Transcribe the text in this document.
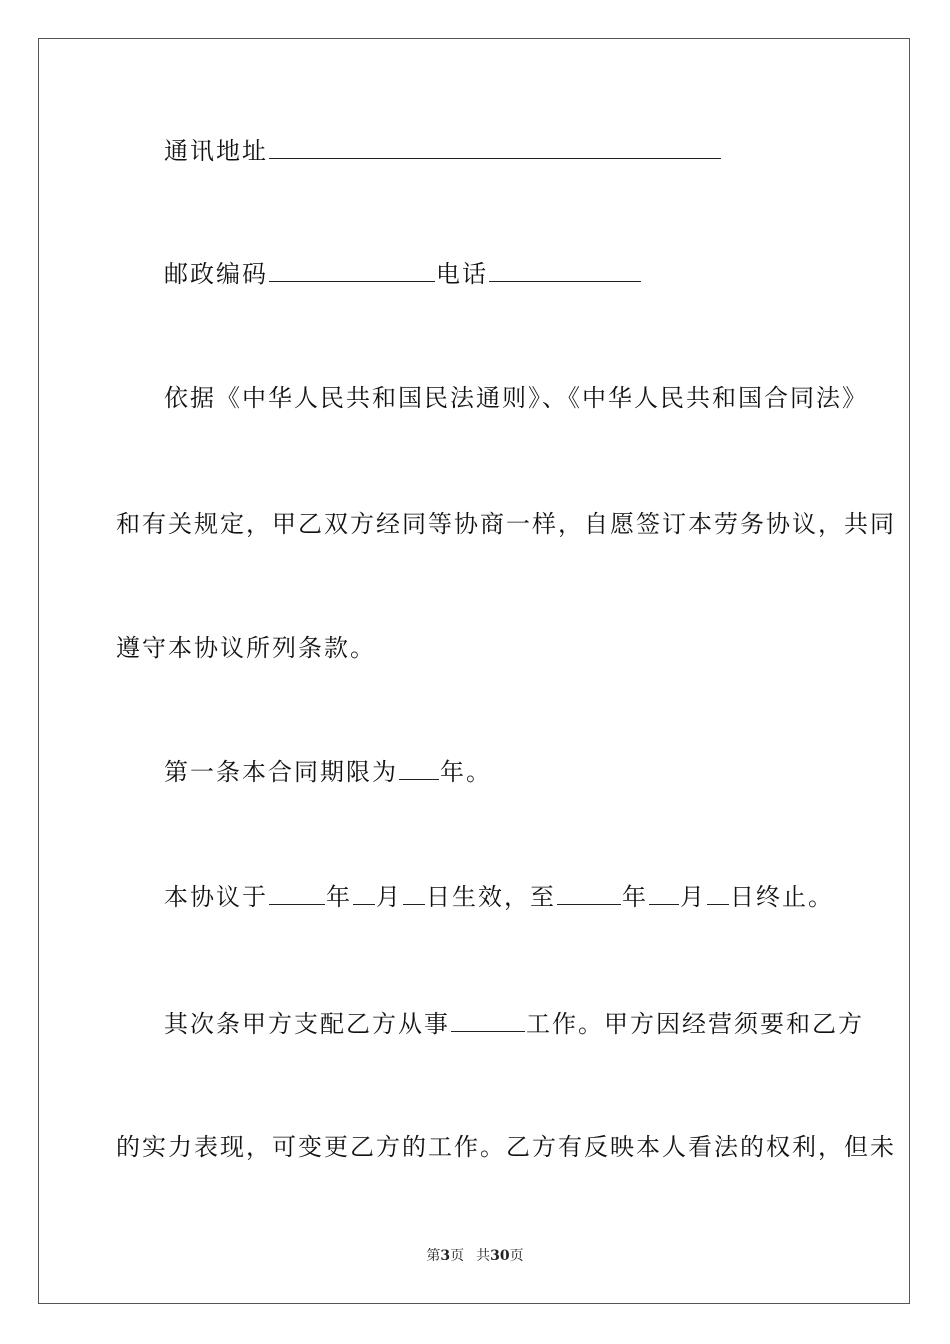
通讯地址
邮政编码	电话
依据《中华人民共和国民法通则》、《中华人民共和国合同法》
和有关规定，甲乙双方经同等协商一样，自愿签订本劳务协议，共同
遵守本协议所列条款。
第一条本合同期限为 年。
本协议于 年 月 日生效，至	年 月 日终止。
其次条甲方支配乙方从事	工作。甲方因经营须要和乙方
的实力表现，可变更乙方的工作。乙方有反映本人看法的权利，但未
第3页 共30页
